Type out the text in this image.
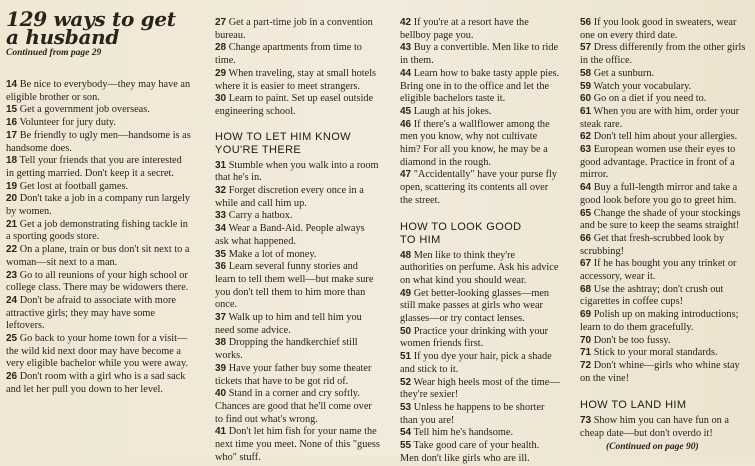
129 ways to get
a husband
Continued from page 29
14 Be nice to everybody—they may have an eligible brother or son.
15 Get a government job overseas.
16 Volunteer for jury duty.
17 Be friendly to ugly men—handsome is as handsome does.
18 Tell your friends that you are interested in getting married. Don't keep it a secret.
19 Get lost at football games.
20 Don't take a job in a company run largely by women.
21 Get a job demonstrating fishing tackle in a sporting goods store.
22 On a plane, train or bus don't sit next to a woman—sit next to a man.
23 Go to all reunions of your high school or college class. There may be widowers there.
24 Don't be afraid to associate with more attractive girls; they may have some leftovers.
25 Go back to your home town for a visit—the wild kid next door may have become a very eligible bachelor while you were away.
26 Don't room with a girl who is a sad sack and let her pull you down to her level.
27 Get a part-time job in a convention bureau.
28 Change apartments from time to time.
29 When traveling, stay at small hotels where it is easier to meet strangers.
30 Learn to paint. Set up easel outside engineering school.
HOW TO LET HIM KNOW
YOU'RE THERE
31 Stumble when you walk into a room that he's in.
32 Forget discretion every once in a while and call him up.
33 Carry a hatbox.
34 Wear a Band-Aid. People always ask what happened.
35 Make a lot of money.
36 Learn several funny stories and learn to tell them well—but make sure you don't tell them to him more than once.
37 Walk up to him and tell him you need some advice.
38 Dropping the handkerchief still works.
39 Have your father buy some theater tickets that have to be got rid of.
40 Stand in a corner and cry softly. Chances are good that he'll come over to find out what's wrong.
41 Don't let him fish for your name the next time you meet. None of this "guess who" stuff.
42 If you're at a resort have the bellboy page you.
43 Buy a convertible. Men like to ride in them.
44 Learn how to bake tasty apple pies. Bring one in to the office and let the eligible bachelors taste it.
45 Laugh at his jokes.
46 If there's a wallflower among the men you know, why not cultivate him? For all you know, he may be a diamond in the rough.
47 "Accidentally" have your purse fly open, scattering its contents all over the street.
HOW TO LOOK GOOD
TO HIM
48 Men like to think they're authorities on perfume. Ask his advice on what kind you should wear.
49 Get better-looking glasses—men still make passes at girls who wear glasses—or try contact lenses.
50 Practice your drinking with your women friends first.
51 If you dye your hair, pick a shade and stick to it.
52 Wear high heels most of the time—they're sexier!
53 Unless he happens to be shorter than you are!
54 Tell him he's handsome.
55 Take good care of your health. Men don't like girls who are ill.
56 If you look good in sweaters, wear one on every third date.
57 Dress differently from the other girls in the office.
58 Get a sunburn.
59 Watch your vocabulary.
60 Go on a diet if you need to.
61 When you are with him, order your steak rare.
62 Don't tell him about your allergies.
63 European women use their eyes to good advantage. Practice in front of a mirror.
64 Buy a full-length mirror and take a good look before you go to greet him.
65 Change the shade of your stockings and be sure to keep the seams straight!
66 Get that fresh-scrubbed look by scrubbing!
67 If he has bought you any trinket or accessory, wear it.
68 Use the ashtray; don't crush out cigarettes in coffee cups!
69 Polish up on making introductions; learn to do them gracefully.
70 Don't be too fussy.
71 Stick to your moral standards.
72 Don't whine—girls who whine stay on the vine!
HOW TO LAND HIM
73 Show him you can have fun on a cheap date—but don't overdo it!
(Continued on page 90)
